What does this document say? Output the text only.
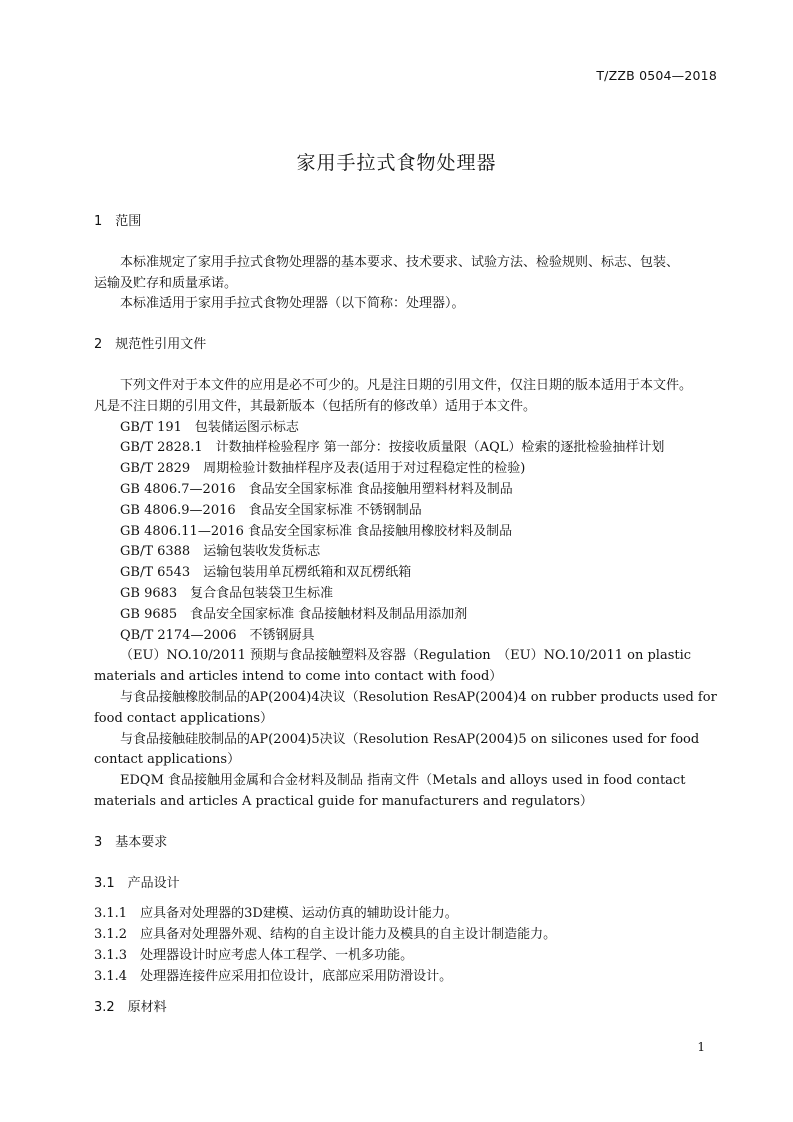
T/ZZB 0504—2018
家用手拉式食物处理器
1　范围
本标准规定了家用手拉式食物处理器的基本要求、技术要求、试验方法、检验规则、标志、包装、
运输及贮存和质量承诺。
本标准适用于家用手拉式食物处理器（以下简称：处理器）。
2　规范性引用文件
下列文件对于本文件的应用是必不可少的。凡是注日期的引用文件，仅注日期的版本适用于本文件。
凡是不注日期的引用文件，其最新版本（包括所有的修改单）适用于本文件。
GB/T 191　包装储运图示标志
GB/T 2828.1　计数抽样检验程序 第一部分：按接收质量限（AQL）检索的逐批检验抽样计划
GB/T 2829　周期检验计数抽样程序及表(适用于对过程稳定性的检验)
GB 4806.7—2016　食品安全国家标准 食品接触用塑料材料及制品
GB 4806.9—2016　食品安全国家标准 不锈钢制品
GB 4806.11—2016 食品安全国家标准 食品接触用橡胶材料及制品
GB/T 6388　运输包装收发货标志
GB/T 6543　运输包装用单瓦楞纸箱和双瓦楞纸箱
GB 9683　复合食品包装袋卫生标准
GB 9685　食品安全国家标准 食品接触材料及制品用添加剂
QB/T 2174—2006　不锈钢厨具
（EU）NO.10/2011 预期与食品接触塑料及容器（Regulation　（EU）NO.10/2011 on plastic
materials and articles intend to come into contact with food）
与食品接触橡胶制品的AP(2004)4决议（Resolution ResAP(2004)4 on rubber products used for
food contact applications）
与食品接触硅胶制品的AP(2004)5决议（Resolution ResAP(2004)5 on silicones used for food
contact applications）
EDQM 食品接触用金属和合金材料及制品 指南文件（Metals and alloys used in food contact
materials and articles A practical guide for manufacturers and regulators）
3　基本要求
3.1　产品设计
3.1.1　 应具备对处理器的3D建模、运动仿真的辅助设计能力。
3.1.2　 应具备对处理器外观、结构的自主设计能力及模具的自主设计制造能力。
3.1.3　 处理器设计时应考虑人体工程学、一机多功能。
3.1.4　 处理器连接件应采用扣位设计，底部应采用防滑设计。
3.2　原材料
1
